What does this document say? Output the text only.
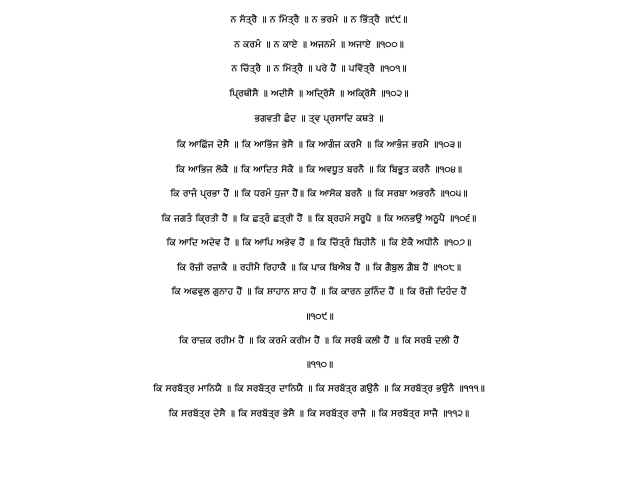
ਨ ਸੱਤ੍ਰੈ ॥ ਨ ਮਿੱਤ੍ਰੈ ॥ ਨ ਭਰਮੰ ॥ ਨ ਭਿੱਤ੍ਰੈ ॥੯੯॥
ਨ ਕਰਮੰ ॥ ਨ ਕਾਏ ॥ ਅਜਨਮੰ ॥ ਅਜਾਏ ॥੧੦੦॥
ਨ ਚਿੱਤ੍ਰੈ ॥ ਨ ਮਿੱਤ੍ਰੈ ॥ ਪਰੇ ਹੈਂ ॥ ਪਵਿੱਤ੍ਰੈ ॥੧੦੧॥
ਪ੍ਰਿਥੀਸੈ ॥ ਅਦੀਸੈ ॥ ਅਦ੍ਰਿੱਸੈ ॥ ਅਕ੍ਰਿੱਸੈ ॥੧੦੨॥
ਭਗਵਤੀ ਛੰਦ ॥ ਤ੍ਵ ਪ੍ਰਸਾਦਿ ਕਥਤੇ ॥
ਕਿ ਆਛਿੱਜ ਦੇਸੈ ॥ ਕਿ ਆਭਿੱਜ ਭੇਸੈ ॥ ਕਿ ਆਗੰਜ ਕਰਮੈ ॥ ਕਿ ਆਭੰਜ ਭਰਮੈ ॥੧੦੩॥
ਕਿ ਆਭਿਜ ਲੋਕੈ ॥ ਕਿ ਆਦਿਤ ਸੋਕੈ ॥ ਕਿ ਅਵਧੂਤ ਬਰਨੈ ॥ ਕਿ ਬਿਭੂਤ ਕਰਨੈ ॥੧੦੪॥
ਕਿ ਰਾਜੰ ਪ੍ਰਭਾ ਹੈਂ ॥ ਕਿ ਧਰਮੰ ਧੁਜਾ ਹੈਂ॥ ਕਿ ਆਸੋਕ ਬਰਨੈ ॥ ਕਿ ਸਰਬਾ ਅਭਰਨੈ ॥੧੦੫॥
ਕਿ ਜਗਤੰ ਕ੍ਰਿਤੀ ਹੈਂ ॥ ਕਿ ਛਤ੍ਰੰ ਛਤ੍ਰੀ ਹੈਂ ॥ ਕਿ ਬ੍ਰਹਮੰ ਸਰੂਪੈ ॥ ਕਿ ਅਨਭਉ ਅਨੂਪੈ ॥੧੦੬॥
ਕਿ ਆਦਿ ਅਦੇਵ ਹੈਂ ॥ ਕਿ ਆਪਿ ਅਭੇਵ ਹੈਂ ॥ ਕਿ ਚਿੱਤ੍ਰੰ ਬਿਹੀਨੈ ॥ ਕਿ ਏਕੈ ਅਧੀਨੈ ॥੧੦੭॥
ਕਿ ਰੋਜ਼ੀ ਰਜ਼ਾਕੈ ॥ ਰਹੀਮੈ ਰਿਹਾਕੈ ॥ ਕਿ ਪਾਕ ਬਿਐਬ ਹੈਂ ॥ ਕਿ ਗੈਬੁਲ ਗ਼ੈਬ ਹੈਂ ॥੧੦੮॥
ਕਿ ਅਫਵੁਲ ਗੁਨਾਹ ਹੈਂ ॥ ਕਿ ਸ਼ਾਹਾਨ ਸ਼ਾਹ ਹੈਂ ॥ ਕਿ ਕਾਰਨ ਕੁਨਿੰਦ ਹੈਂ ॥ ਕਿ ਰੋਜ਼ੀ ਦਿਹੰਦ ਹੈਂ
॥੧੦੯॥
ਕਿ ਰਾਜ਼ਕ ਰਹੀਮ ਹੈਂ ॥ ਕਿ ਕਰਮੰ ਕਰੀਮ ਹੈਂ ॥ ਕਿ ਸਰਬੰ ਕਲੀ ਹੈਂ ॥ ਕਿ ਸਰਬੰ ਦਲੀ ਹੈਂ
॥੧੧੦॥
ਕਿ ਸਰਬੱਤ੍ਰ ਮਾਨਿਯੈ ॥ ਕਿ ਸਰਬੱਤ੍ਰ ਦਾਨਿਯੈ ॥ ਕਿ ਸਰਬੱਤ੍ਰ ਗਉਨੈ ॥ ਕਿ ਸਰਬੱਤ੍ਰ ਭਉਨੈ ॥੧੧੧॥
ਕਿ ਸਰਬੱਤ੍ਰ ਦੇਸੈ ॥ ਕਿ ਸਰਬੱਤ੍ਰ ਭੇਸੈ ॥ ਕਿ ਸਰਬੱਤ੍ਰ ਰਾਜੈ ॥ ਕਿ ਸਰਬੱਤ੍ਰ ਸਾਜੈ ॥੧੧੨॥
